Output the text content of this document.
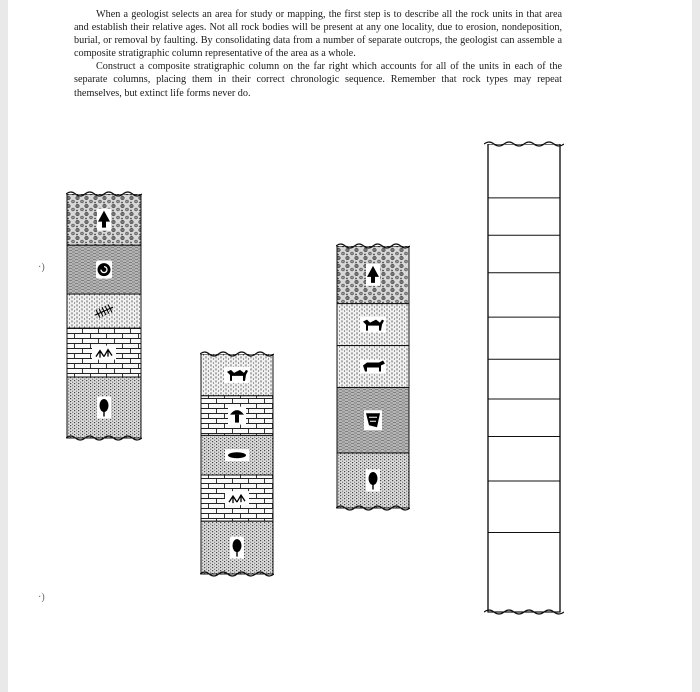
·)
·)

When a geologist selects an area for study or mapping, the first step is to describe all the rock units in that area and establish their relative ages. Not all rock bodies will be present at any one locality, due to erosion, nondeposition, burial, or removal by faulting. By consolidating data from a number of separate outcrops, the geologist can assemble a composite stratigraphic column representative of the area as a whole.

Construct a composite stratigraphic column on the far right which accounts for all of the units in each of the separate columns, placing them in their correct chronologic sequence. Remember that rock types may repeat themselves, but extinct life forms never do.
